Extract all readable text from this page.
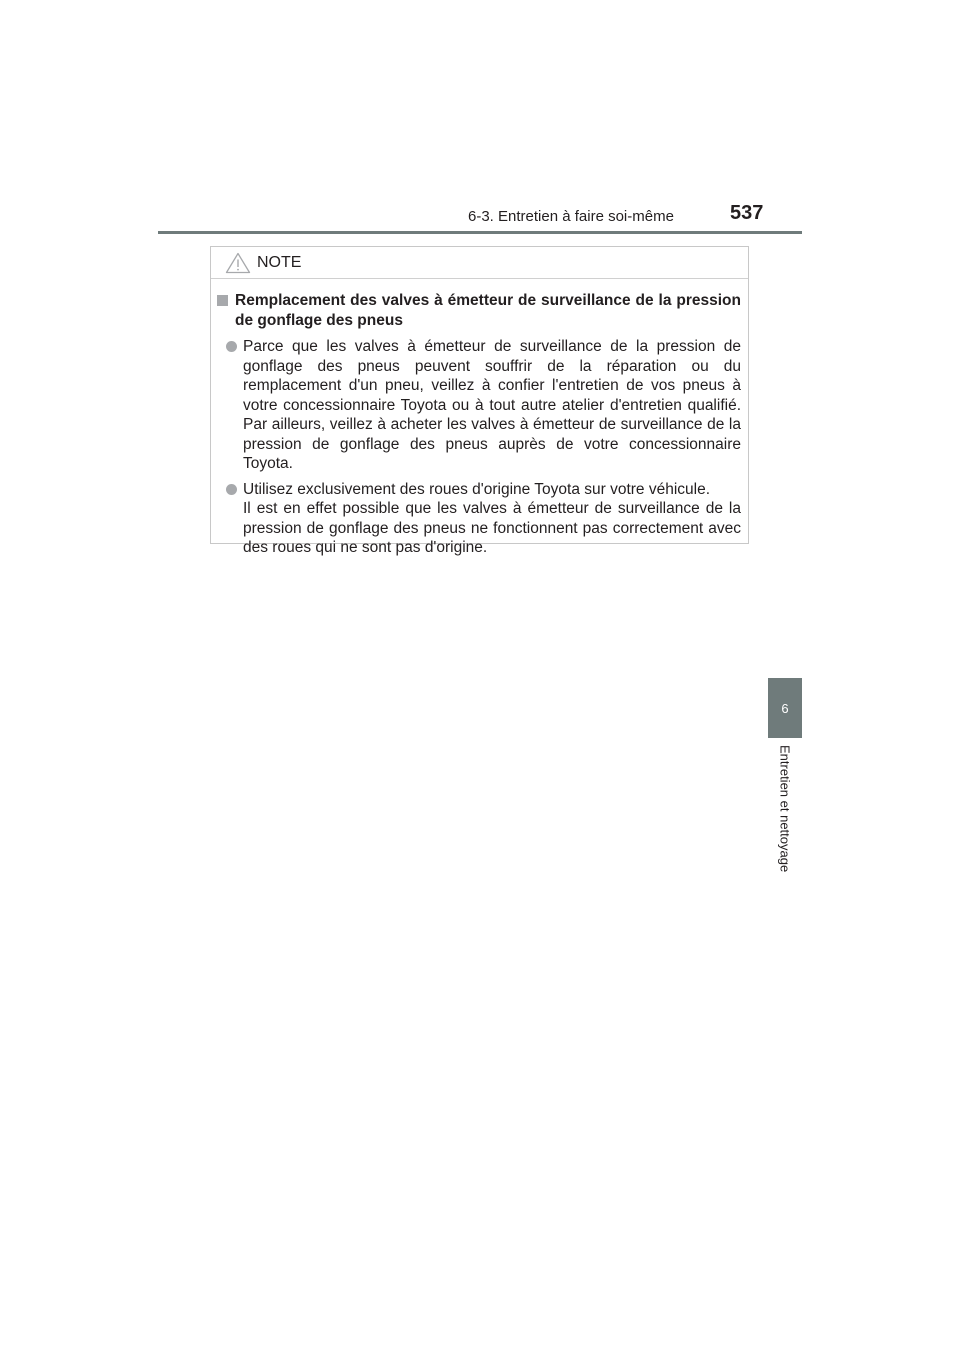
6-3. Entretien à faire soi-même	537
6
Entretien et nettoyage
NOTE
Remplacement des valves à émetteur de surveillance de la pression de gonflage des pneus

Parce que les valves à émetteur de surveillance de la pression de gonflage des pneus peuvent souffrir de la réparation ou du remplacement d'un pneu, veillez à confier l'entretien de vos pneus à votre concessionnaire Toyota ou à tout autre atelier d'entretien qualifié. Par ailleurs, veillez à acheter les valves à émetteur de surveillance de la pression de gonflage des pneus auprès de votre concessionnaire Toyota.

Utilisez exclusivement des roues d'origine Toyota sur votre véhicule.

Il est en effet possible que les valves à émetteur de surveillance de la pression de gonflage des pneus ne fonctionnent pas correctement avec des roues qui ne sont pas d'origine.
